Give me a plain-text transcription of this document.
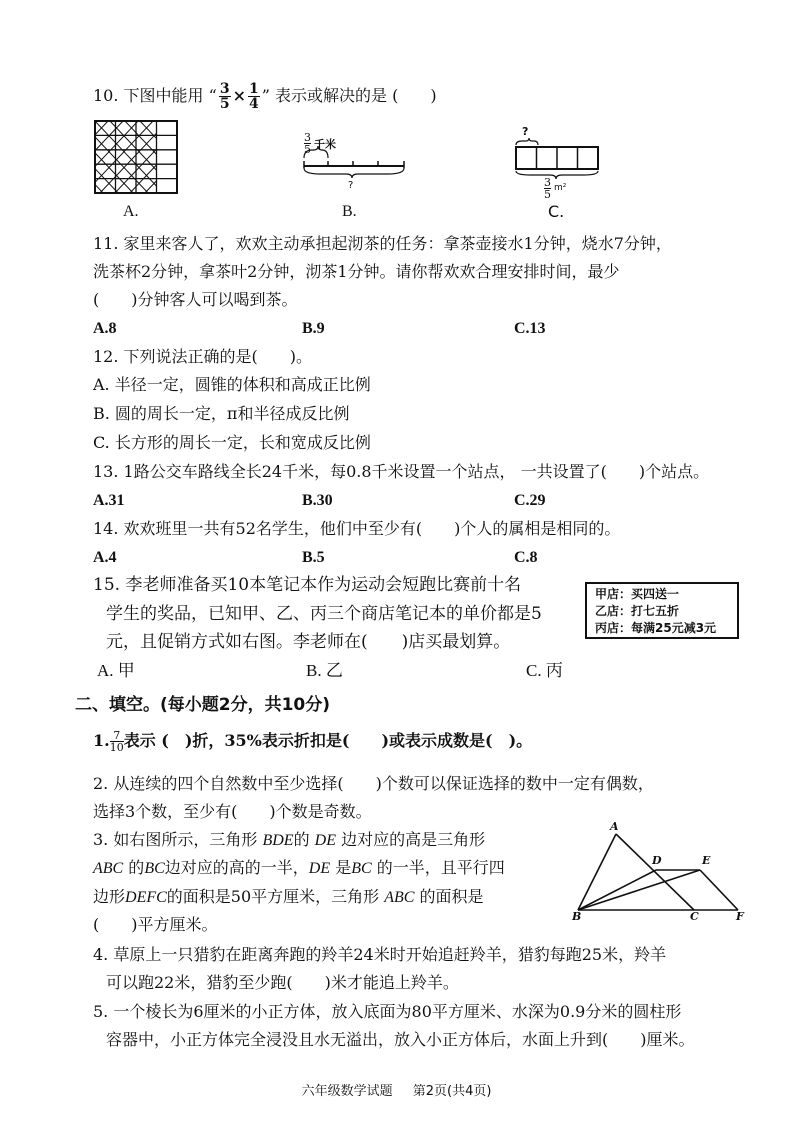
10. 下图中能用 “ $\frac{3}{5} \times \frac{1}{4}$ ” 表示或解决的是 (　　)
$\frac{3}{5}$ 千米
?
?
$\frac{3}{5} m^2$
A.	B.	C.
11. 家里来客人了，欢欢主动承担起沏茶的任务：拿茶壶接水1分钟，烧水7分钟，
洗茶杯2分钟，拿茶叶2分钟，沏茶1分钟。请你帮欢欢合理安排时间，最少
(　　)分钟客人可以喝到茶。
A.8	B.9	C.13
12. 下列说法正确的是(　　)。
A. 半径一定，圆锥的体积和高成正比例
B. 圆的周长一定，π和半径成反比例
C. 长方形的周长一定，长和宽成反比例
13. 1路公交车路线全长24千米，每0.8千米设置一个站点， 一共设置了(　　)个站点。
A.31	B.30	C.29
14. 欢欢班里一共有52名学生，他们中至少有(　　)个人的属相是相同的。
A.4	B.5	C.8
15. 李老师准备买10本笔记本作为运动会短跑比赛前十名
学生的奖品，已知甲、乙、丙三个商店笔记本的单价都是5
元，且促销方式如右图。李老师在(　　)店买最划算。
甲店：买四送一
乙店：打七五折
丙店：每满25元减3元
A. 甲	B. 乙	C. 丙
二、填空。(每小题2分，共10分)
1. $\frac{7}{10}$ 表示 (　)折，35%表示折扣是(　　)或表示成数是(　)。
2. 从连续的四个自然数中至少选择(　　)个数可以保证选择的数中一定有偶数，
选择3个数，至少有(　　)个数是奇数。
3. 如右图所示，三角形 BDE的 DE 边对应的高是三角形
ABC 的BC边对应的高的一半，DE 是BC 的一半，且平行四
边形DEFC的面积是50平方厘米，三角形 ABC 的面积是
(　　)平方厘米。
A
D	E
B	C	F
4. 草原上一只猎豹在距离奔跑的羚羊24米时开始追赶羚羊，猎豹每跑25米，羚羊
可以跑22米，猎豹至少跑(　　)米才能追上羚羊。
5. 一个棱长为6厘米的小正方体，放入底面为80平方厘米、水深为0.9分米的圆柱形
容器中，小正方体完全浸没且水无溢出，放入小正方体后，水面上升到(　　)厘米。
六年级数学试题 第2页(共4页)
